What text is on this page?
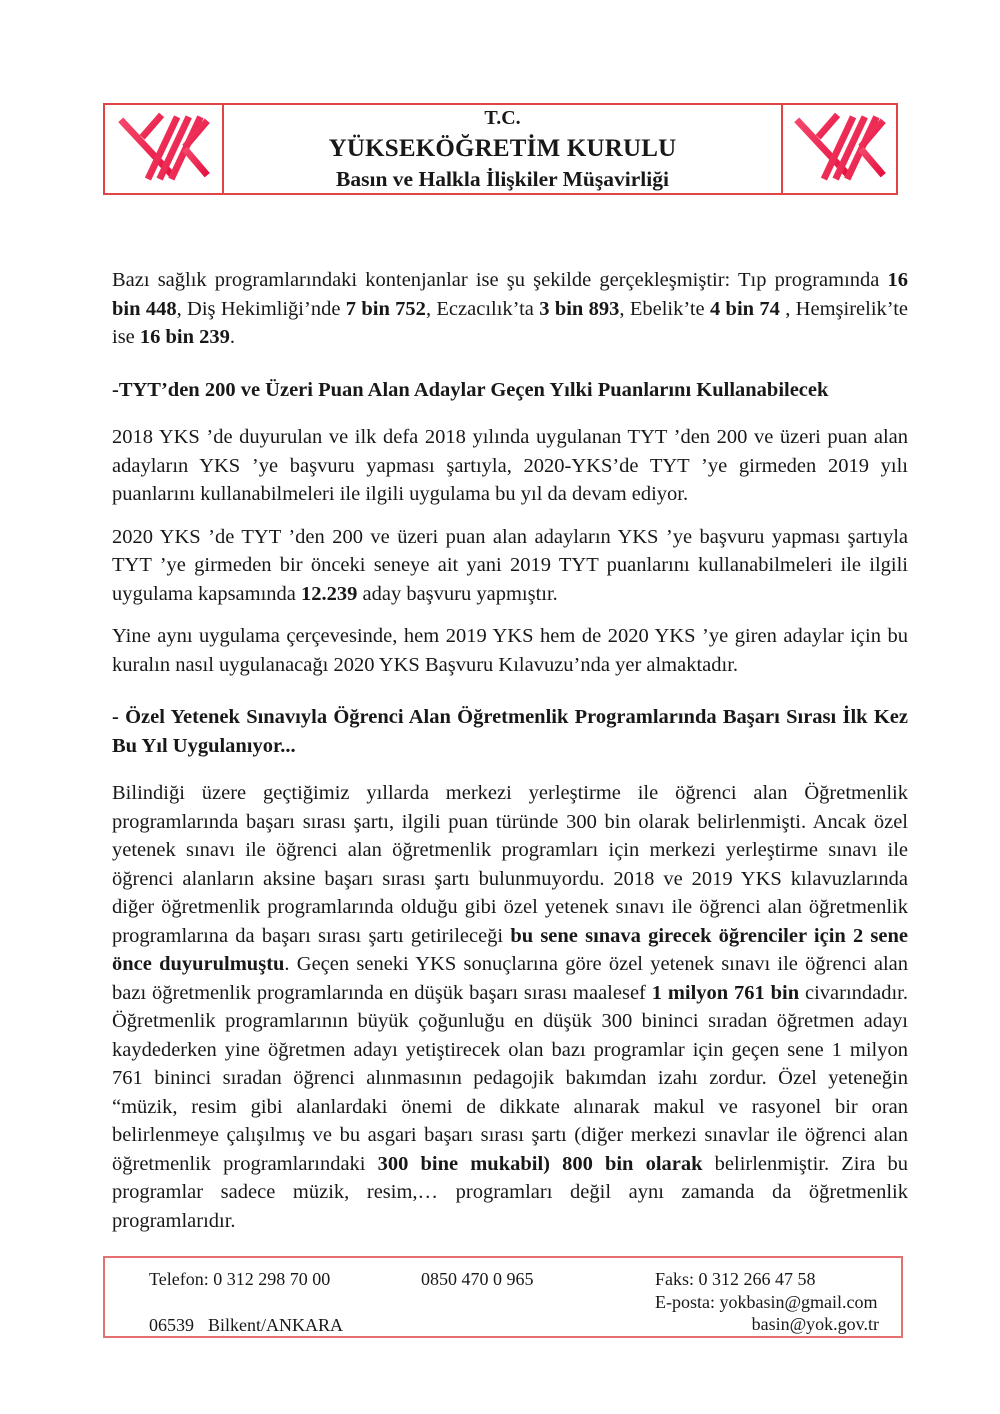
T.C.
YÜKSEKÖĞRETİM KURULU
Basın ve Halkla İlişkiler Müşavirliği

Bazı sağlık programlarındaki kontenjanlar ise şu şekilde gerçekleşmiştir: Tıp programında 16 bin 448, Diş Hekimliği’nde 7 bin 752, Eczacılık’ta 3 bin 893, Ebelik’te 4 bin 74 , Hemşirelik’te ise 16 bin 239.

-TYT’den 200 ve Üzeri Puan Alan Adaylar Geçen Yılki Puanlarını Kullanabilecek

2018 YKS ’de duyurulan ve ilk defa 2018 yılında uygulanan TYT ’den 200 ve üzeri puan alan adayların YKS ’ye başvuru yapması şartıyla, 2020-YKS’de TYT ’ye girmeden 2019 yılı puanlarını kullanabilmeleri ile ilgili uygulama bu yıl da devam ediyor.

2020 YKS ’de TYT ’den 200 ve üzeri puan alan adayların YKS ’ye başvuru yapması şartıyla TYT ’ye girmeden bir önceki seneye ait yani 2019 TYT puanlarını kullanabilmeleri ile ilgili uygulama kapsamında 12.239 aday başvuru yapmıştır.

Yine aynı uygulama çerçevesinde, hem 2019 YKS hem de 2020 YKS ’ye giren adaylar için bu kuralın nasıl uygulanacağı 2020 YKS Başvuru Kılavuzu’nda yer almaktadır.

- Özel Yetenek Sınavıyla Öğrenci Alan Öğretmenlik Programlarında Başarı Sırası İlk Kez Bu Yıl Uygulanıyor...

Bilindiği üzere geçtiğimiz yıllarda merkezi yerleştirme ile öğrenci alan Öğretmenlik programlarında başarı sırası şartı, ilgili puan türünde 300 bin olarak belirlenmişti. Ancak özel yetenek sınavı ile öğrenci alan öğretmenlik programları için merkezi yerleştirme sınavı ile öğrenci alanların aksine başarı sırası şartı bulunmuyordu. 2018 ve 2019 YKS kılavuzlarında diğer öğretmenlik programlarında olduğu gibi özel yetenek sınavı ile öğrenci alan öğretmenlik programlarına da başarı sırası şartı getirileceği bu sene sınava girecek öğrenciler için 2 sene önce duyurulmuştu. Geçen seneki YKS sonuçlarına göre özel yetenek sınavı ile öğrenci alan bazı öğretmenlik programlarında en düşük başarı sırası maalesef 1 milyon 761 bin civarındadır. Öğretmenlik programlarının büyük çoğunluğu en düşük 300 bininci sıradan öğretmen adayı kaydederken yine öğretmen adayı yetiştirecek olan bazı programlar için geçen sene 1 milyon 761 bininci sıradan öğrenci alınmasının pedagojik bakımdan izahı zordur. Özel yeteneğin “müzik, resim gibi alanlardaki önemi de dikkate alınarak makul ve rasyonel bir oran belirlenmeye çalışılmış ve bu asgari başarı sırası şartı (diğer merkezi sınavlar ile öğrenci alan öğretmenlik programlarındaki 300 bine mukabil) 800 bin olarak belirlenmiştir. Zira bu programlar sadece müzik, resim,… programları değil aynı zamanda da öğretmenlik programlarıdır.

Telefon: 0 312 298 70 00
06539 Bilkent/ANKARA
0850 470 0 965	Faks: 0 312 266 47 58
E-posta: yokbasin@gmail.com
basin@yok.gov.tr
